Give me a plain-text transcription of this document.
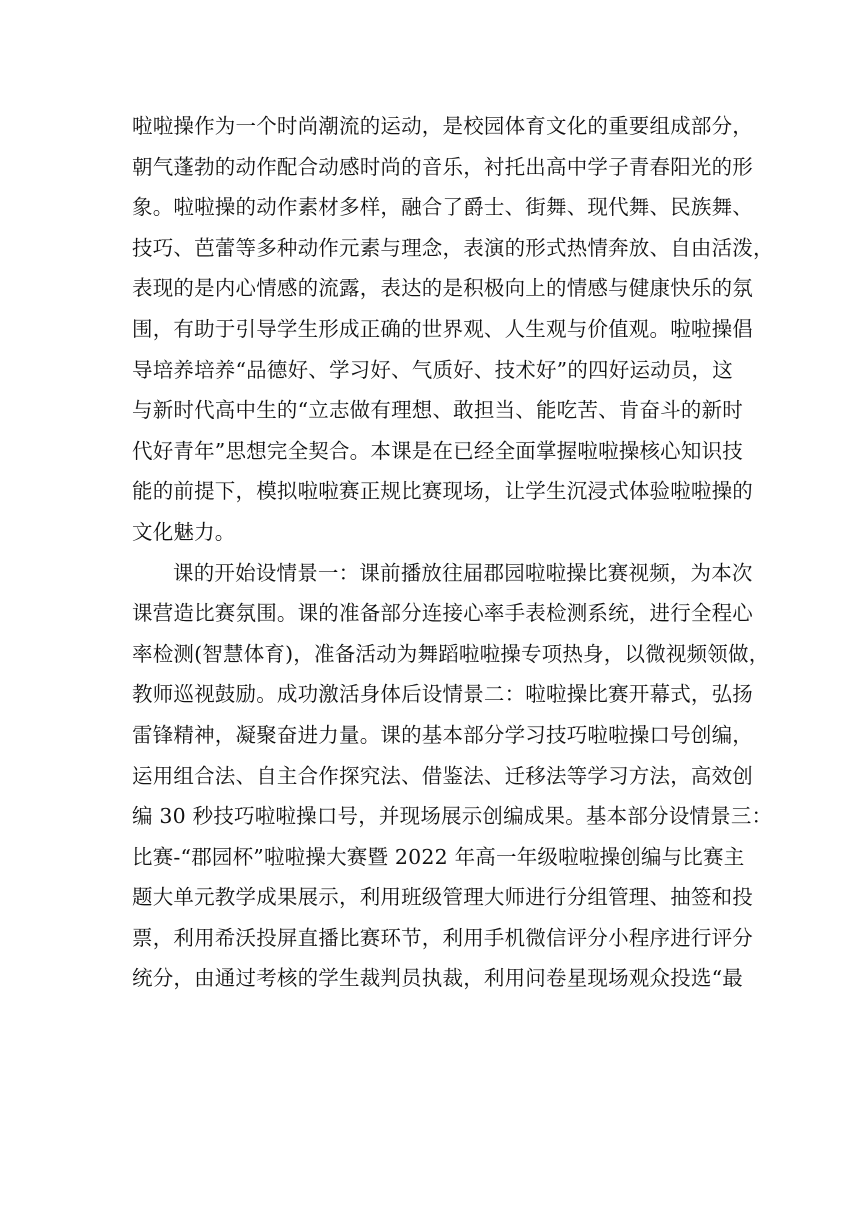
啦啦操作为一个时尚潮流的运动，是校园体育文化的重要组成部分，
朝气蓬勃的动作配合动感时尚的音乐，衬托出高中学子青春阳光的形
象。啦啦操的动作素材多样，融合了爵士、街舞、现代舞、民族舞、
技巧、芭蕾等多种动作元素与理念，表演的形式热情奔放、自由活泼，
表现的是内心情感的流露，表达的是积极向上的情感与健康快乐的氛
围，有助于引导学生形成正确的世界观、人生观与价值观。啦啦操倡
导培养培养“品德好、学习好、气质好、技术好”的四好运动员，这
与新时代高中生的“立志做有理想、敢担当、能吃苦、肯奋斗的新时
代好青年”思想完全契合。本课是在已经全面掌握啦啦操核心知识技
能的前提下，模拟啦啦赛正规比赛现场，让学生沉浸式体验啦啦操的
文化魅力。
课的开始设情景一：课前播放往届郡园啦啦操比赛视频，为本次
课营造比赛氛围。课的准备部分连接心率手表检测系统，进行全程心
率检测(智慧体育)，准备活动为舞蹈啦啦操专项热身，以微视频领做，
教师巡视鼓励。成功激活身体后设情景二：啦啦操比赛开幕式，弘扬
雷锋精神，凝聚奋进力量。课的基本部分学习技巧啦啦操口号创编，
运用组合法、自主合作探究法、借鉴法、迁移法等学习方法，高效创
编 30 秒技巧啦啦操口号，并现场展示创编成果。基本部分设情景三：
比赛-“郡园杯”啦啦操大赛暨 2022 年高一年级啦啦操创编与比赛主
题大单元教学成果展示，利用班级管理大师进行分组管理、抽签和投
票，利用希沃投屏直播比赛环节，利用手机微信评分小程序进行评分
统分，由通过考核的学生裁判员执裁，利用问卷星现场观众投选“最
